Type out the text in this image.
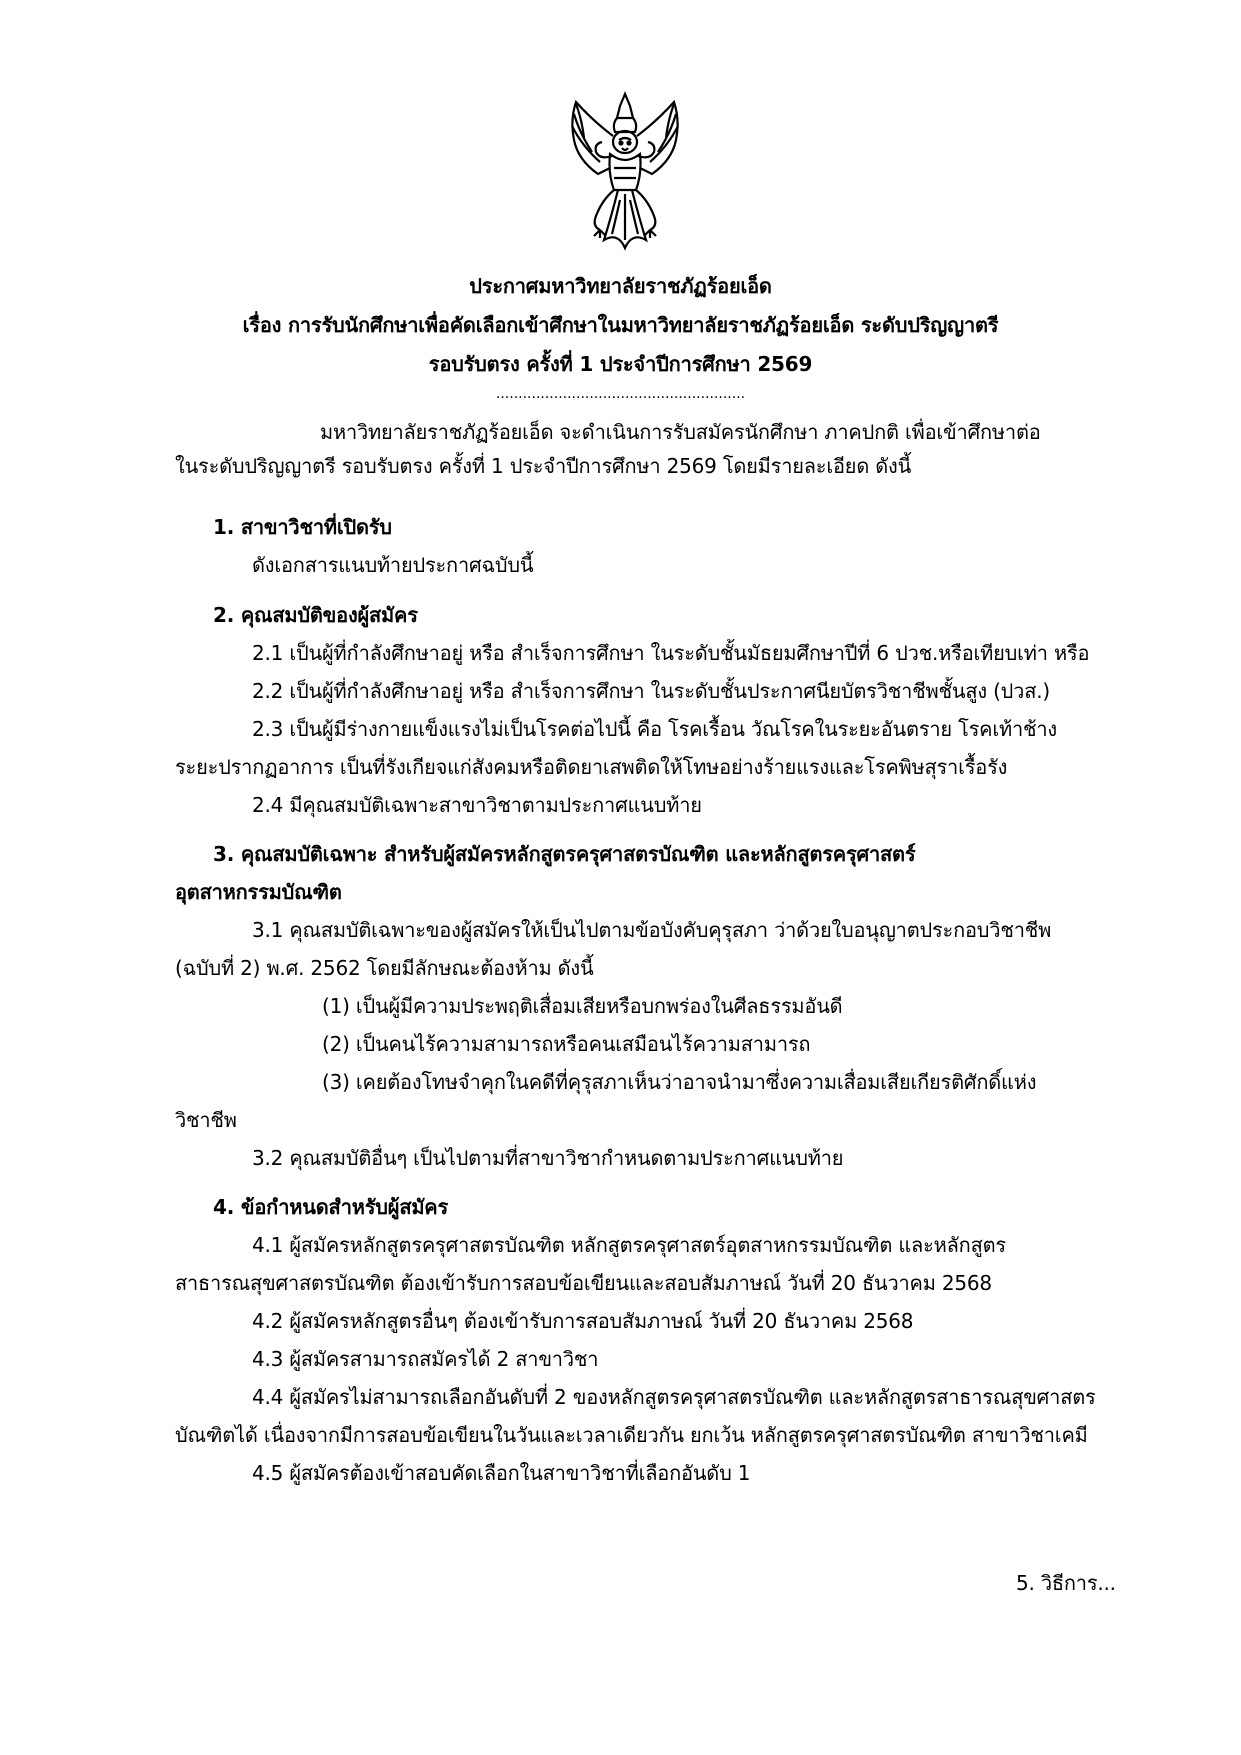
ประกาศมหาวิทยาลัยราชภัฏร้อยเอ็ด
เรื่อง การรับนักศึกษาเพื่อคัดเลือกเข้าศึกษาในมหาวิทยาลัยราชภัฏร้อยเอ็ด ระดับปริญญาตรี
รอบรับตรง ครั้งที่ 1 ประจำปีการศึกษา 2569
........................................................
มหาวิทยาลัยราชภัฏร้อยเอ็ด จะดำเนินการรับสมัครนักศึกษา ภาคปกติ เพื่อเข้าศึกษาต่อ
ในระดับปริญญาตรี รอบรับตรง ครั้งที่ 1 ประจำปีการศึกษา 2569 โดยมีรายละเอียด ดังนี้
1. สาขาวิชาที่เปิดรับ
ดังเอกสารแนบท้ายประกาศฉบับนี้
2. คุณสมบัติของผู้สมัคร
2.1 เป็นผู้ที่กำลังศึกษาอยู่ หรือ สำเร็จการศึกษา ในระดับชั้นมัธยมศึกษาปีที่ 6 ปวช.หรือเทียบเท่า หรือ
2.2 เป็นผู้ที่กำลังศึกษาอยู่ หรือ สำเร็จการศึกษา ในระดับชั้นประกาศนียบัตรวิชาชีพชั้นสูง (ปวส.)
2.3 เป็นผู้มีร่างกายแข็งแรงไม่เป็นโรคต่อไปนี้ คือ โรคเรื้อน วัณโรคในระยะอันตราย โรคเท้าช้าง
ระยะปรากฏอาการ เป็นที่รังเกียจแก่สังคมหรือติดยาเสพติดให้โทษอย่างร้ายแรงและโรคพิษสุราเรื้อรัง
2.4 มีคุณสมบัติเฉพาะสาขาวิชาตามประกาศแนบท้าย
3. คุณสมบัติเฉพาะ สำหรับผู้สมัครหลักสูตรครุศาสตรบัณฑิต และหลักสูตรครุศาสตร์
อุตสาหกรรมบัณฑิต
3.1 คุณสมบัติเฉพาะของผู้สมัครให้เป็นไปตามข้อบังคับคุรุสภา ว่าด้วยใบอนุญาตประกอบวิชาชีพ
(ฉบับที่ 2) พ.ศ. 2562 โดยมีลักษณะต้องห้าม ดังนี้
(1) เป็นผู้มีความประพฤติเสื่อมเสียหรือบกพร่องในศีลธรรมอันดี
(2) เป็นคนไร้ความสามารถหรือคนเสมือนไร้ความสามารถ
(3) เคยต้องโทษจำคุกในคดีที่คุรุสภาเห็นว่าอาจนำมาซึ่งความเสื่อมเสียเกียรติศักดิ์แห่ง
วิชาชีพ
3.2 คุณสมบัติอื่นๆ เป็นไปตามที่สาขาวิชากำหนดตามประกาศแนบท้าย
4. ข้อกำหนดสำหรับผู้สมัคร
4.1 ผู้สมัครหลักสูตรครุศาสตรบัณฑิต หลักสูตรครุศาสตร์อุตสาหกรรมบัณฑิต และหลักสูตร
สาธารณสุขศาสตรบัณฑิต ต้องเข้ารับการสอบข้อเขียนและสอบสัมภาษณ์ วันที่ 20 ธันวาคม 2568
4.2 ผู้สมัครหลักสูตรอื่นๆ ต้องเข้ารับการสอบสัมภาษณ์ วันที่ 20 ธันวาคม 2568
4.3 ผู้สมัครสามารถสมัครได้ 2 สาขาวิชา
4.4 ผู้สมัครไม่สามารถเลือกอันดับที่ 2 ของหลักสูตรครุศาสตรบัณฑิต และหลักสูตรสาธารณสุขศาสตร
บัณฑิตได้ เนื่องจากมีการสอบข้อเขียนในวันและเวลาเดียวกัน ยกเว้น หลักสูตรครุศาสตรบัณฑิต สาขาวิชาเคมี
4.5 ผู้สมัครต้องเข้าสอบคัดเลือกในสาขาวิชาที่เลือกอันดับ 1
5. วิธีการ...
